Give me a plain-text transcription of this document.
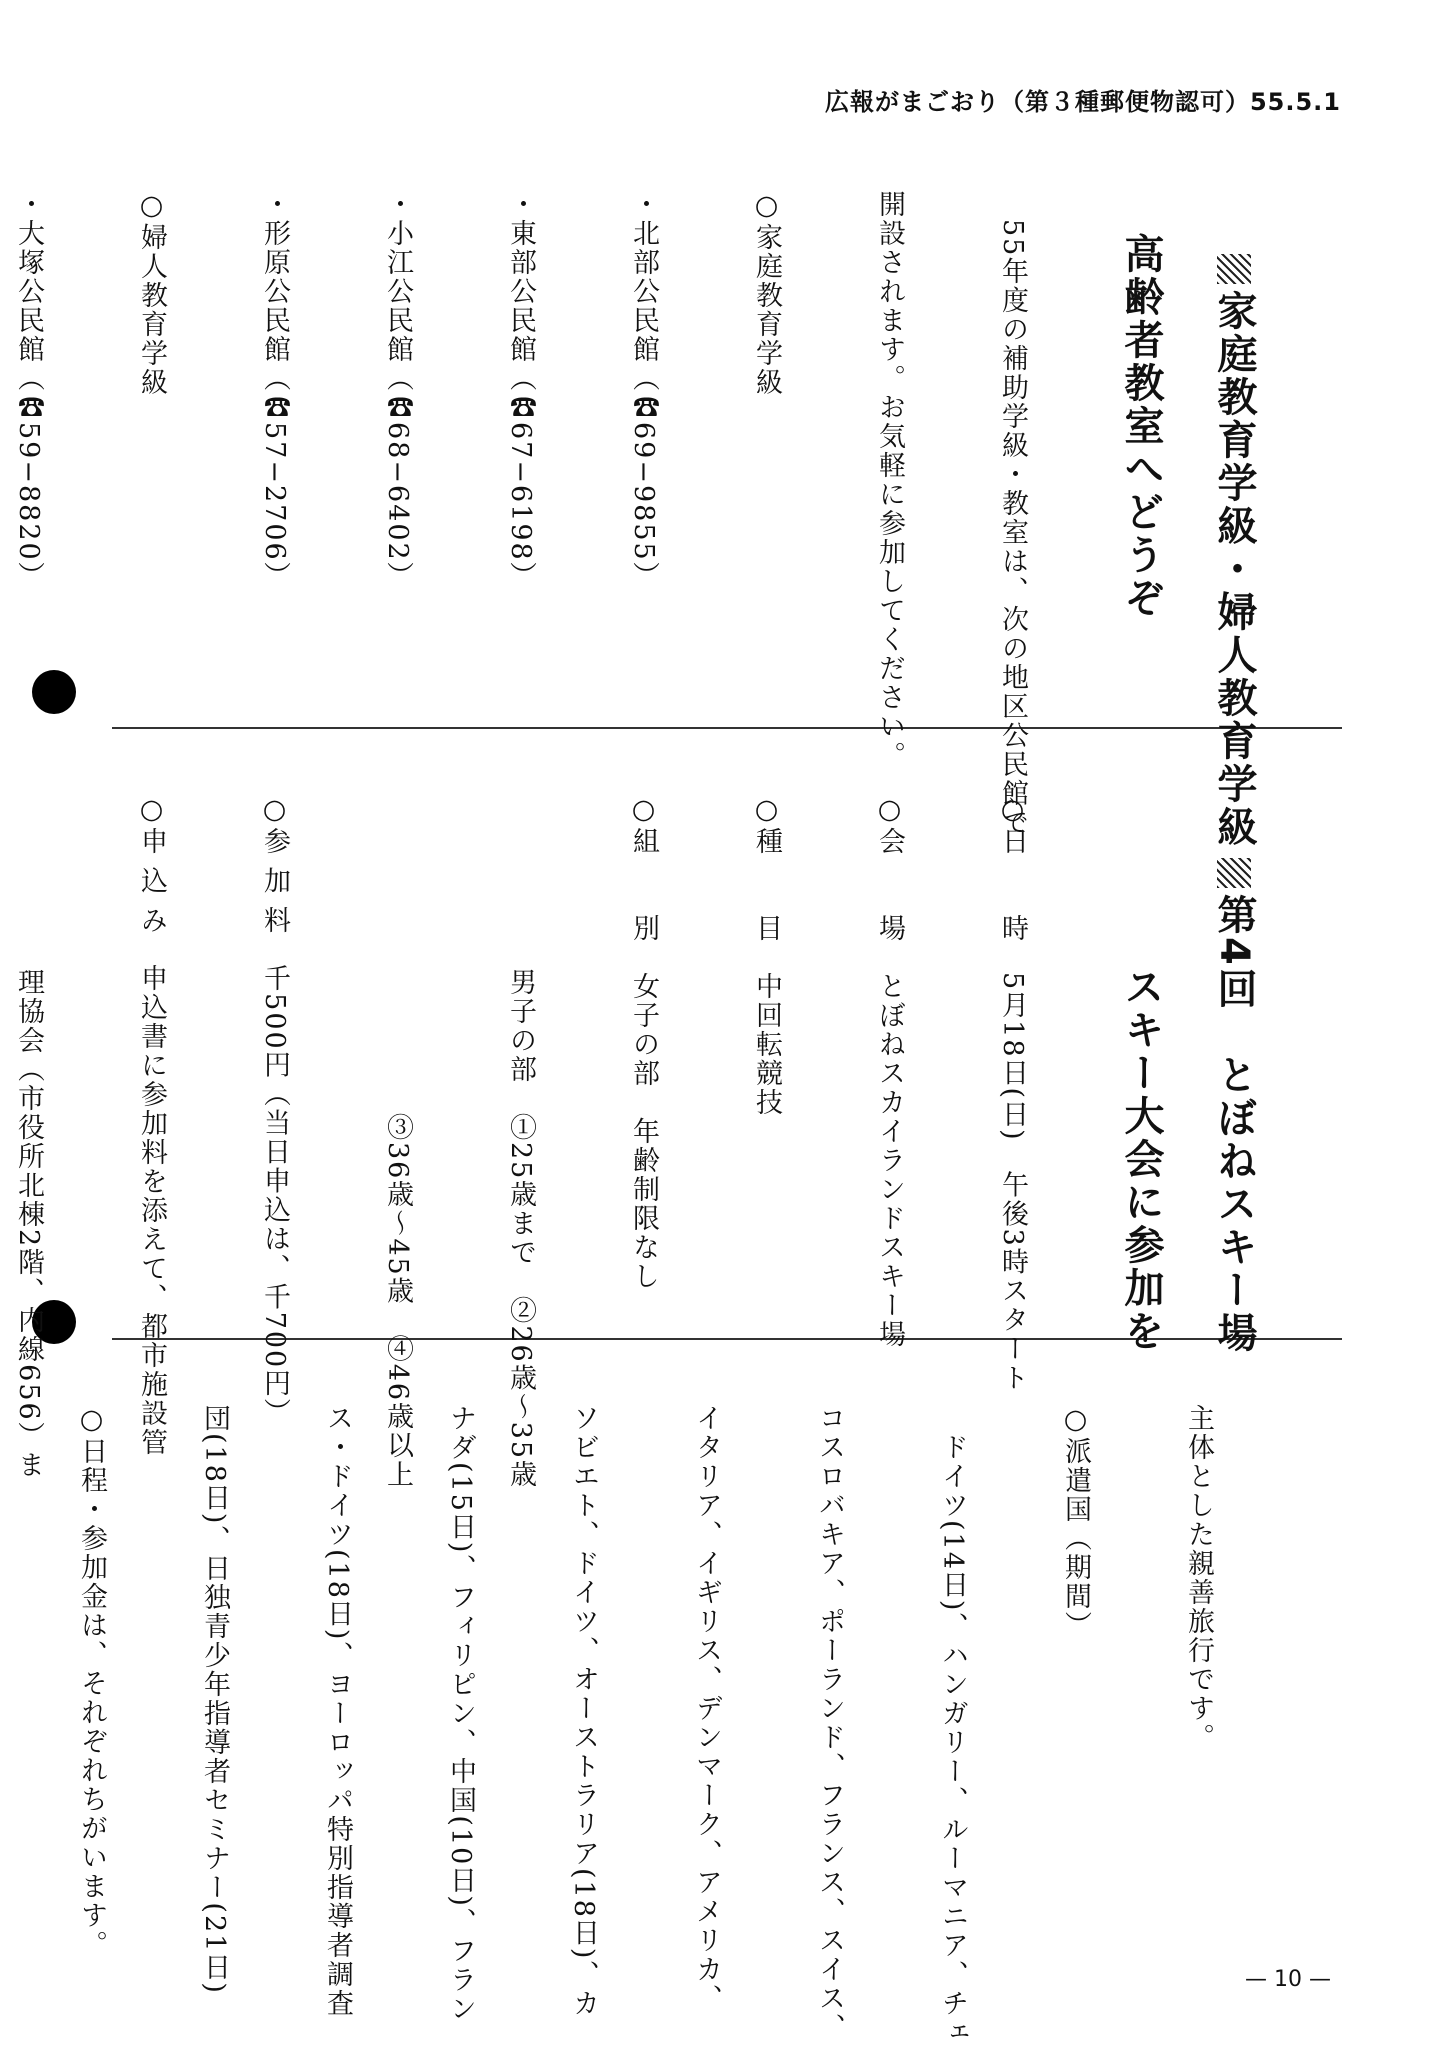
広報がまごおり（第３種郵便物認可）55.5.1

家庭教育学級・婦人教育学級

　高齢者教室へどうぞ

　55年度の補助学級・教室は、次の地区公民館で

開設されます。お気軽に参加してください。

○家庭教育学級

・北部公民館（☎69−9855）

・東部公民館（☎67−6198）

・小江公民館（☎68−6402）

・形原公民館（☎57−2706）

○婦人教育学級

・大塚公民館（☎59−8820）

第4回　とぼねスキー場

　　　　スキー大会に参加を

○日　　時　5月18日(日)　午後3時スタート

○会　　場　とぼねスカイランドスキー場

○種　　目　中回転競技

○組　　別　女子の部　年齢制限なし

　　　　　　男子の部　①25歳まで　②26歳〜35歳

　　　　　　　　　　　③36歳〜45歳　④46歳以上

○参 加 料　千500円（当日申込は、千700円）

○申 込 み　申込書に参加料を添えて、都市施設管

　　　　　　理協会（市役所北棟2階、内線656）ま

主体とした親善旅行です。

○派遣国（期間）

　ドイツ(14日)、ハンガリー、ルーマニア、チェ

コスロバキア、ポーランド、フランス、スイス、

イタリア、イギリス、デンマーク、アメリカ、

ソビエト、ドイツ、オーストラリア(18日)、カ

ナダ(15日)、フィリピン、中国(10日)、フラン

ス・ドイツ(18日)、ヨーロッパ特別指導者調査

団(18日)、日独青少年指導者セミナー(21日)

○日程・参加金は、それぞれちがいます。

— 10 —
